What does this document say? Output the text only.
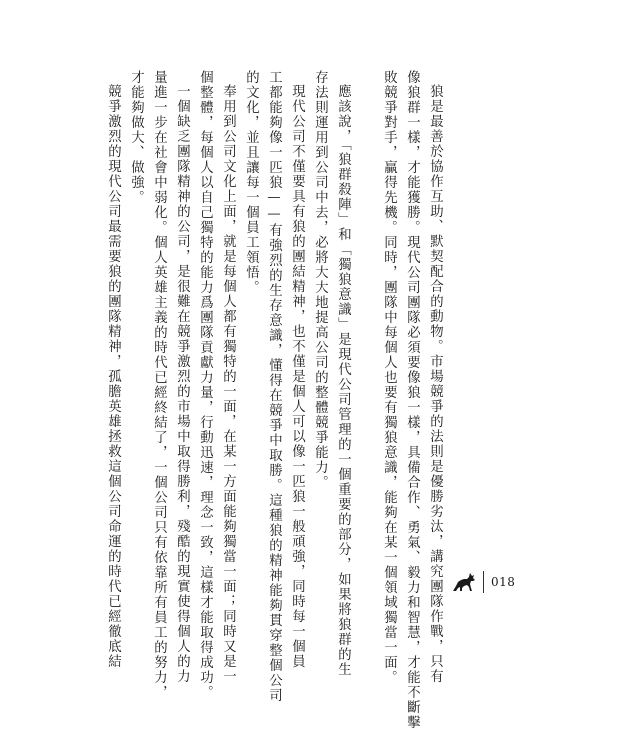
狼是最善於協作互助、默契配合的動物。市場競爭的法則是優勝劣汰，講究團隊作戰，只有
像狼群一樣，才能獲勝。現代公司團隊必須要像狼一樣，具備合作、勇氣、毅力和智慧，才能不斷擊
敗競爭對手，贏得先機。同時，團隊中每個人也要有獨狼意識，能夠在某一個領域獨當一面。
應該說，「狼群殺陣」和「獨狼意識」是現代公司管理的一個重要的部分，如果將狼群的生
存法則運用到公司中去，必將大大地提高公司的整體競爭能力。
現代公司不僅要具有狼的團結精神，也不僅是個人可以像一匹狼一般頑強，同時每一個員
工都能夠像一匹狼——有強烈的生存意識，懂得在競爭中取勝。這種狼的精神能夠貫穿整個公司
的文化，並且讓每一個員工領悟。
奉用到公司文化上面，就是每個人都有獨特的一面，在某一方面能夠獨當一面；同時又是一
個整體，每個人以自己獨特的能力爲團隊貢獻力量，行動迅速，理念一致，這樣才能取得成功。
一個缺乏團隊精神的公司，是很難在競爭激烈的市場中取得勝利，殘酷的現實使得個人的力
量進一步在社會中弱化。個人英雄主義的時代已經終結了，一個公司只有依靠所有員工的努力，
才能夠做大、做強。
競爭激烈的現代公司最需要狼的團隊精神，孤膽英雄拯救這個公司命運的時代已經徹底結	018
